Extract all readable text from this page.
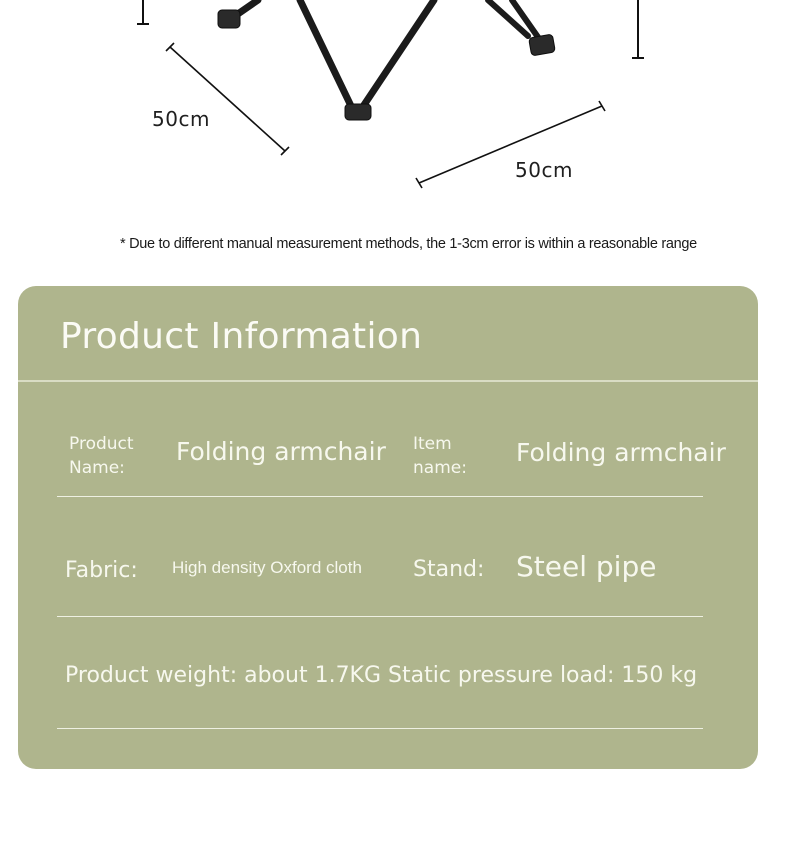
50cm
50cm
* Due to different manual measurement methods, the 1-3cm error is within a reasonable range
Product Information
Product
Name:
Folding armchair Item
name:
Folding armchair
Fabric: High density Oxford cloth Stand: Steel pipe
Product weight: about 1.7KG Static pressure load: 150 kg
